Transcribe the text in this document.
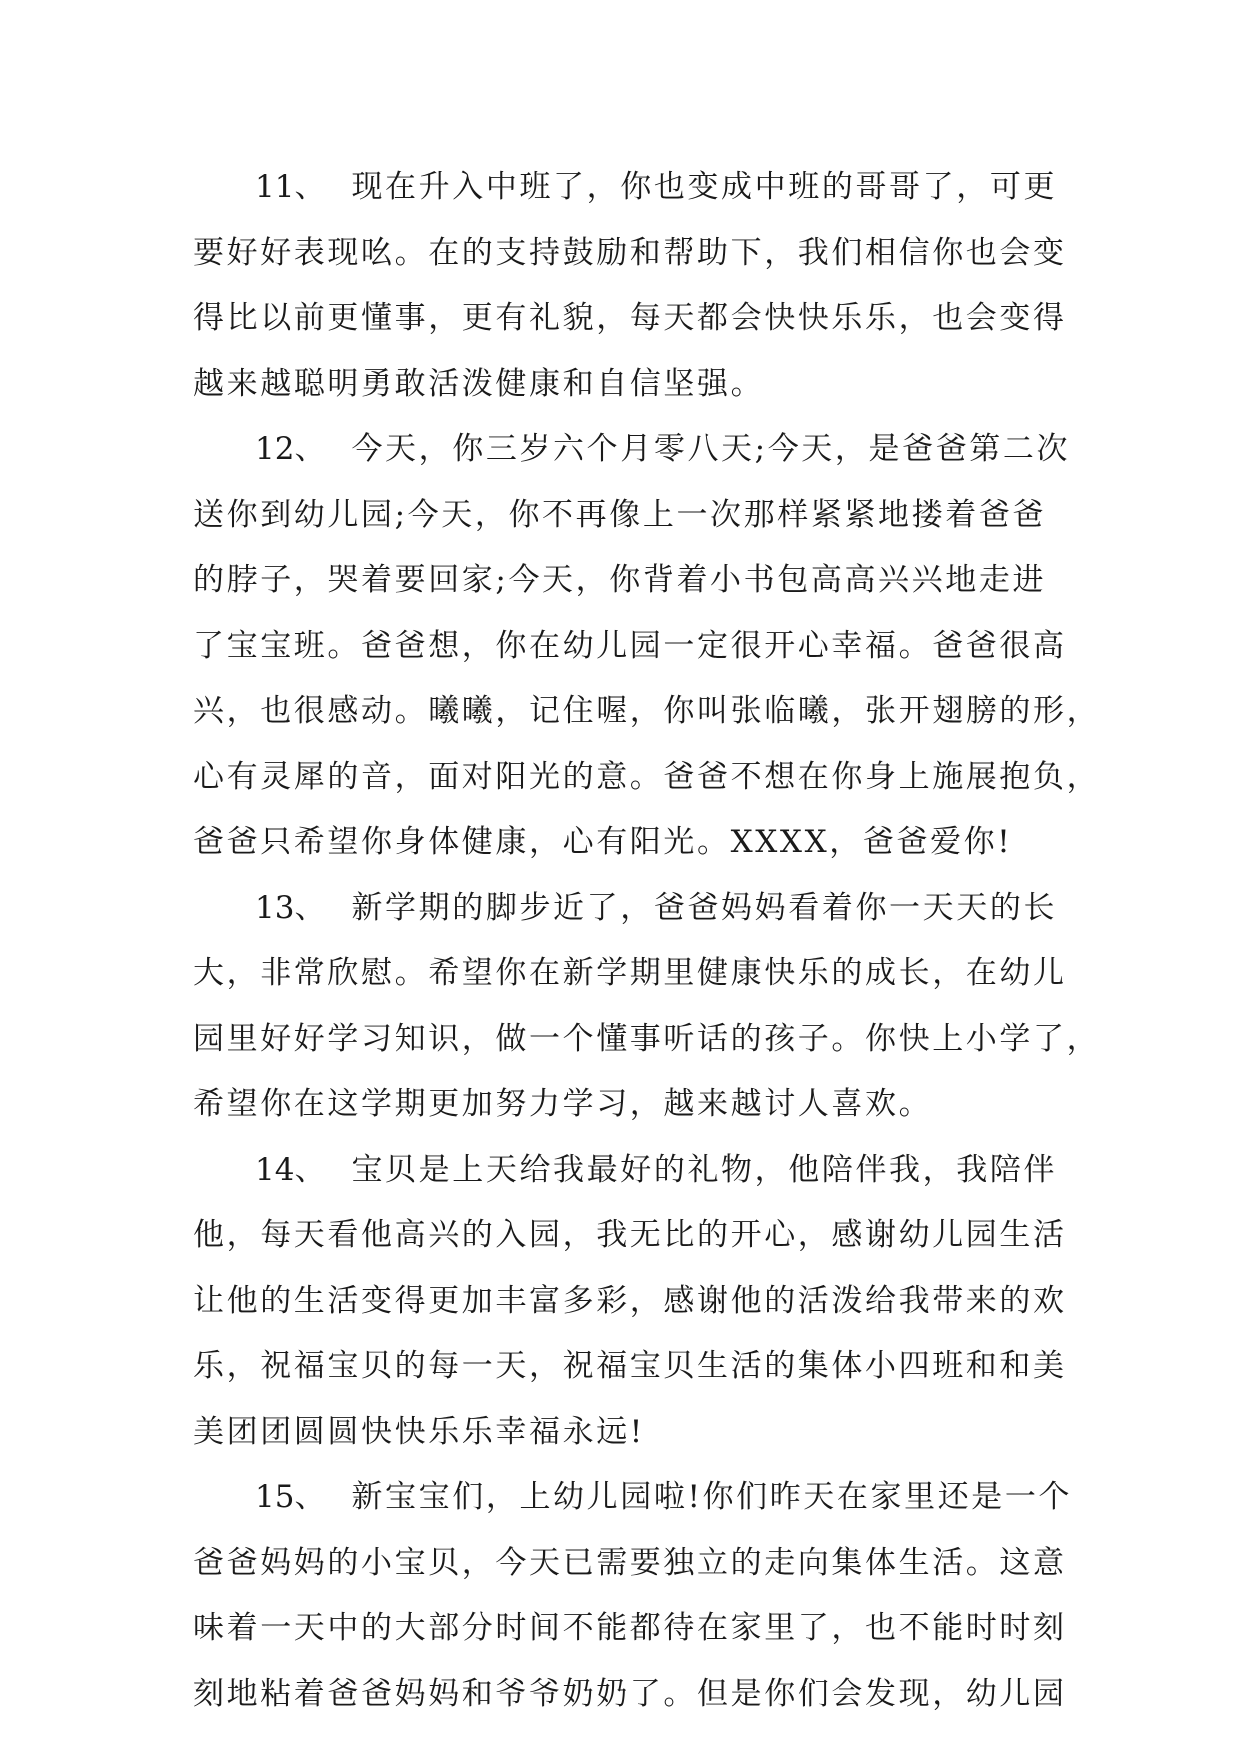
11、 现在升入中班了，你也变成中班的哥哥了，可更
要好好表现吆。在的支持鼓励和帮助下，我们相信你也会变
得比以前更懂事，更有礼貌，每天都会快快乐乐，也会变得
越来越聪明勇敢活泼健康和自信坚强。
12、 今天，你三岁六个月零八天;今天，是爸爸第二次
送你到幼儿园;今天，你不再像上一次那样紧紧地搂着爸爸
的脖子，哭着要回家;今天，你背着小书包高高兴兴地走进
了宝宝班。爸爸想，你在幼儿园一定很开心幸福。爸爸很高
兴，也很感动。曦曦，记住喔，你叫张临曦，张开翅膀的形，
心有灵犀的音，面对阳光的意。爸爸不想在你身上施展抱负，
爸爸只希望你身体健康，心有阳光。XXXX，爸爸爱你!
13、 新学期的脚步近了，爸爸妈妈看着你一天天的长
大，非常欣慰。希望你在新学期里健康快乐的成长，在幼儿
园里好好学习知识，做一个懂事听话的孩子。你快上小学了，
希望你在这学期更加努力学习，越来越讨人喜欢。
14、 宝贝是上天给我最好的礼物，他陪伴我，我陪伴
他，每天看他高兴的入园，我无比的开心，感谢幼儿园生活
让他的生活变得更加丰富多彩，感谢他的活泼给我带来的欢
乐，祝福宝贝的每一天，祝福宝贝生活的集体小四班和和美
美团团圆圆快快乐乐幸福永远!
15、 新宝宝们，上幼儿园啦!你们昨天在家里还是一个
爸爸妈妈的小宝贝，今天已需要独立的走向集体生活。这意
味着一天中的大部分时间不能都待在家里了，也不能时时刻
刻地粘着爸爸妈妈和爷爷奶奶了。但是你们会发现，幼儿园
